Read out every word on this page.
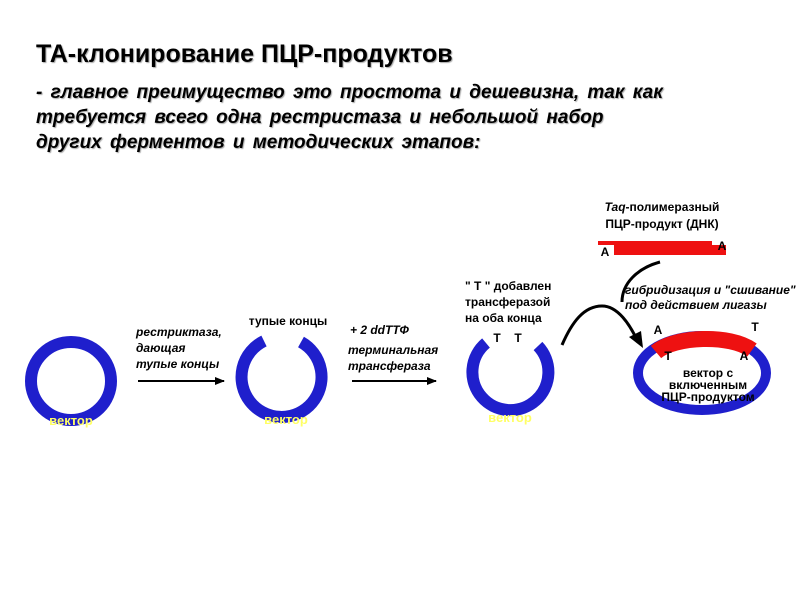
ТА-клонирование ПЦР-продуктов
- главное преимущество это простота и дешевизна, так как требуется всего одна рестристаза и небольшой набор других ферментов и методических этапов:
вектор
рестриктаза,
дающая
тупые концы
тупые концы
вектор
+ 2 ddTТФ
терминальная
трансфераза
" T " добавлен
трансферазой
на оба конца
T T
вектор
Taq-полимеразный
ПЦР-продукт (ДНК)
A	A
гибридизация и "сшивание"
под действием лигазы
A
T
T
A
вектор с
включенным
ПЦР-продуктом
